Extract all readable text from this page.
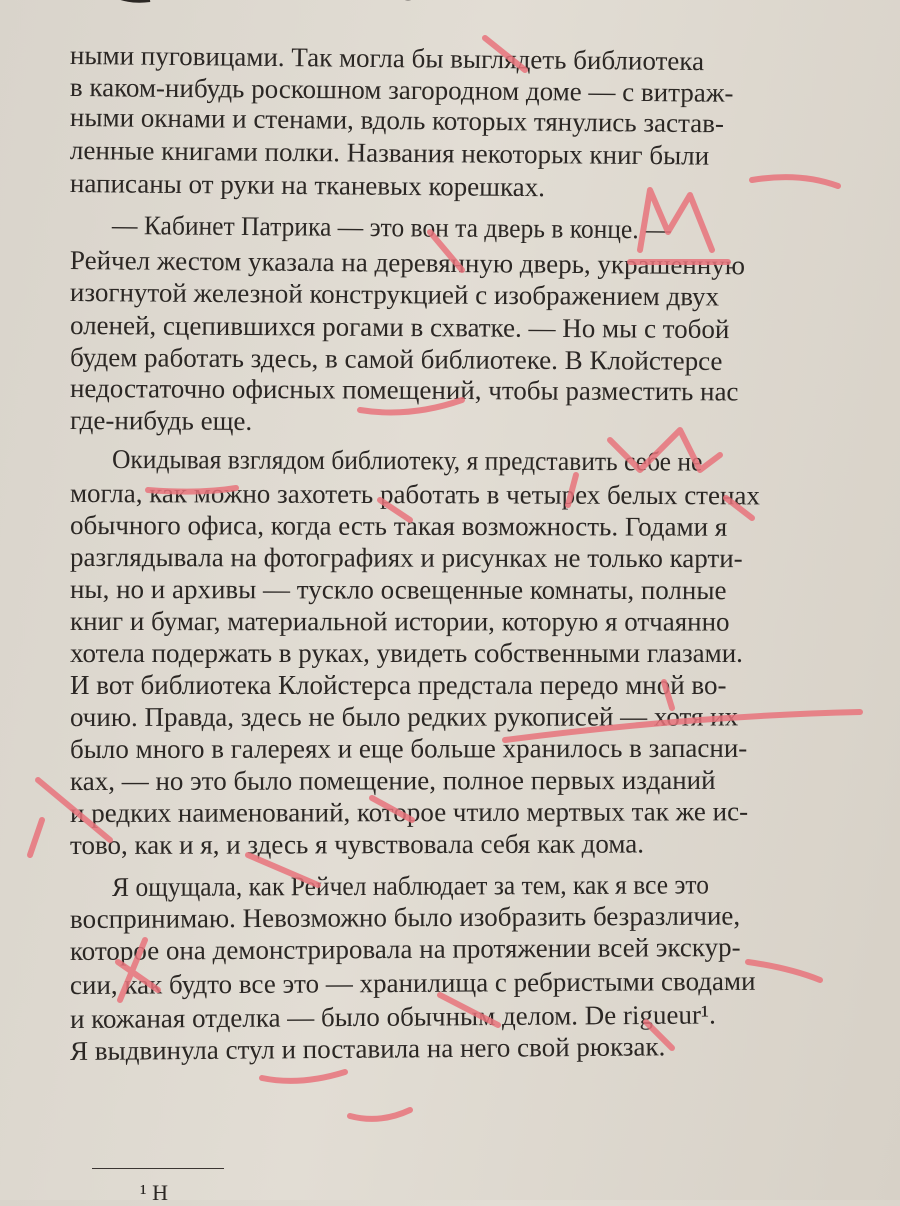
ными пуговицами. Так могла бы выглядеть библиотека

в каком-нибудь роскошном загородном доме — с витраж-

ными окнами и стенами, вдоль которых тянулись застав-

ленные книгами полки. Названия некоторых книг были

написаны от руки на тканевых корешках.

— Кабинет Патрика — это вон та дверь в конце. —

Рейчел жестом указала на деревянную дверь, украшенную

изогнутой железной конструкцией с изображением двух

оленей, сцепившихся рогами в схватке. — Но мы с тобой

будем работать здесь, в самой библиотеке. В Клойстерсе

недостаточно офисных помещений, чтобы разместить нас

где-нибудь еще.

Окидывая взглядом библиотеку, я представить себе не

могла, как можно захотеть работать в четырех белых стенах

обычного офиса, когда есть такая возможность. Годами я

разглядывала на фотографиях и рисунках не только карти-

ны, но и архивы — тускло освещенные комнаты, полные

книг и бумаг, материальной истории, которую я отчаянно

хотела подержать в руках, увидеть собственными глазами.

И вот библиотека Клойстерса предстала передо мной во-

очию. Правда, здесь не было редких рукописей — хотя их

было много в галереях и еще больше хранилось в запасни-

ках, — но это было помещение, полное первых изданий

и редких наименований, которое чтило мертвых так же ис-

тово, как и я, и здесь я чувствовала себя как дома.

Я ощущала, как Рейчел наблюдает за тем, как я все это

воспринимаю. Невозможно было изобразить безразличие,

которое она демонстрировала на протяжении всей экскур-

сии, как будто все это — хранилища с ребристыми сводами

и кожаная отделка — было обычным делом. De rigueur¹.

Я выдвинула стул и поставила на него свой рюкзак.

¹ Н
